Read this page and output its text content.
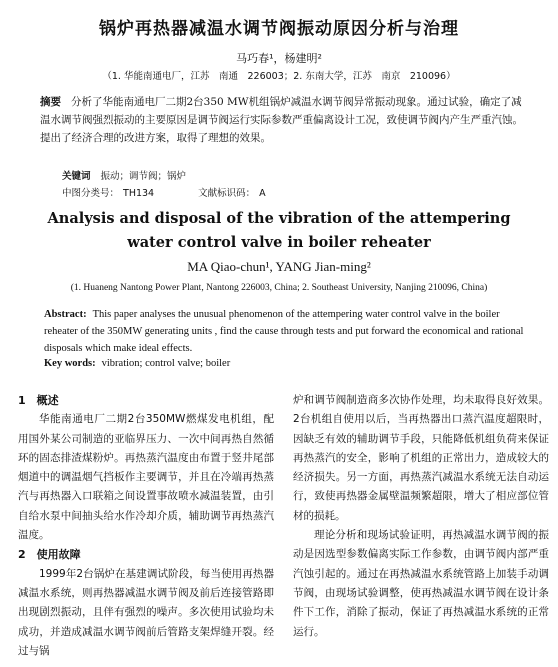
锅炉再热器减温水调节阀振动原因分析与治理
马巧春¹，杨建明²
（1. 华能南通电厂，江苏　南通　226003；2. 东南大学，江苏　南京　210096）
摘要 分析了华能南通电厂二期2台350 MW机组锅炉减温水调节阀异常振动现象。通过试验，确定了减温水调节阀强烈振动的主要原因是调节阀运行实际参数严重偏离设计工况，致使调节阀内产生严重汽蚀。提出了经济合理的改进方案，取得了理想的效果。
关键词 振动；调节阀；锅炉
中图分类号： TH134	文献标识码： A
Analysis and disposal of the vibration of the attempering
water control valve in boiler reheater
MA Qiao-chun¹, YANG Jian-ming²
(1. Huaneng Nantong Power Plant, Nantong 226003, China; 2. Southeast University, Nanjing 210096, China)
Abstract: This paper analyses the unusual phenomenon of the attempering water control valve in the boiler reheater of the 350MW generating units , find the cause through tests and put forward the economical and rational disposals which make ideal effects.
Key words: vibration; control valve; boiler
1　概述

华能南通电厂二期2台350MW燃煤发电机组，配用国外某公司制造的亚临界压力、一次中间再热自然循环的固态排渣煤粉炉。再热蒸汽温度由布置于竖井尾部烟道中的调温烟气挡板作主要调节，并且在冷端再热蒸汽与再热器入口联箱之间设置事故喷水减温装置，由引自给水泵中间抽头给水作冷却介质，辅助调节再热蒸汽温度。

2　使用故障

1999年2台锅炉在基建调试阶段，每当使用再热器减温水系统，则再热器减温水调节阀及前后连接管路即出现剧烈振动，且伴有强烈的噪声。多次使用试验均未成功，并造成减温水调节阀前后管路支架焊缝开裂。经过与锅

炉和调节阀制造商多次协作处理，均未取得良好效果。2台机组自使用以后，当再热器出口蒸汽温度超限时，因缺乏有效的辅助调节手段，只能降低机组负荷来保证再热蒸汽的安全，影响了机组的正常出力，造成较大的经济损失。另一方面，再热蒸汽减温水系统无法自动运行，致使再热器金属壁温频繁超限，增大了相应部位管材的损耗。

理论分析和现场试验证明，再热减温水调节阀的振动是因选型参数偏离实际工作参数，由调节阀内部严重汽蚀引起的。通过在再热减温水系统管路上加装手动调节阀，由现场试验调整，使再热减温水调节阀在设计条件下工作，消除了振动，保证了再热减温水系统的正常运行。
